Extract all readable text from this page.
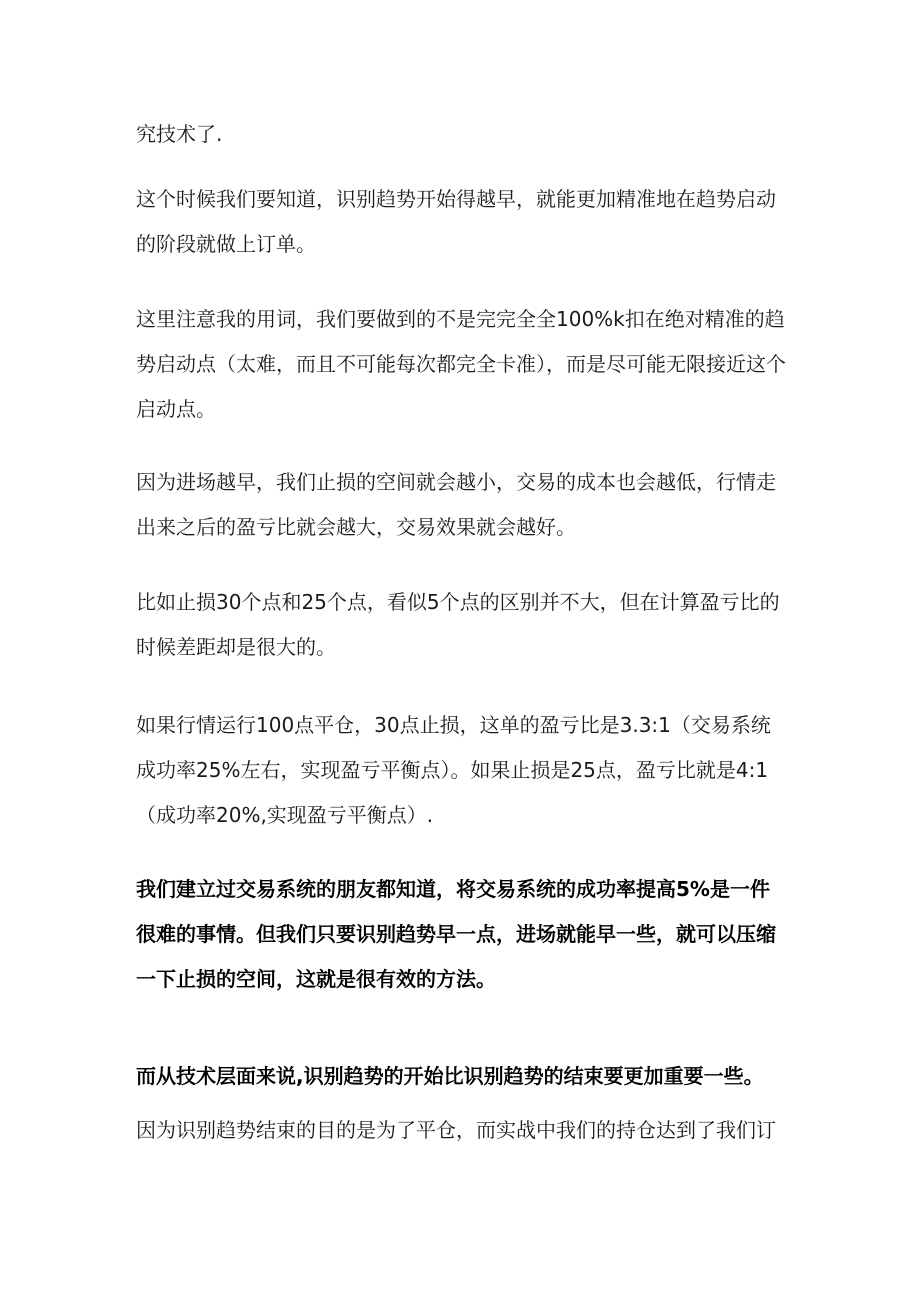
究技术了.

这个时候我们要知道，识别趋势开始得越早，就能更加精准地在趋势启动的阶段就做上订单。

这里注意我的用词，我们要做到的不是完完全全100%k扣在绝对精准的趋势启动点（太难，而且不可能每次都完全卡准），而是尽可能无限接近这个启动点。

因为进场越早，我们止损的空间就会越小，交易的成本也会越低，行情走出来之后的盈亏比就会越大，交易效果就会越好。

比如止损30个点和25个点，看似5个点的区别并不大，但在计算盈亏比的时候差距却是很大的。

如果行情运行100点平仓，30点止损，这单的盈亏比是3.3:1（交易系统成功率25%左右，实现盈亏平衡点）。如果止损是25点，盈亏比就是4:1（成功率20%,实现盈亏平衡点）.

我们建立过交易系统的朋友都知道，将交易系统的成功率提高5%是一件很难的事情。但我们只要识别趋势早一点，进场就能早一些，就可以压缩一下止损的空间，这就是很有效的方法。

而从技术层面来说,识别趋势的开始比识别趋势的结束要更加重要一些。

因为识别趋势结束的目的是为了平仓，而实战中我们的持仓达到了我们订
